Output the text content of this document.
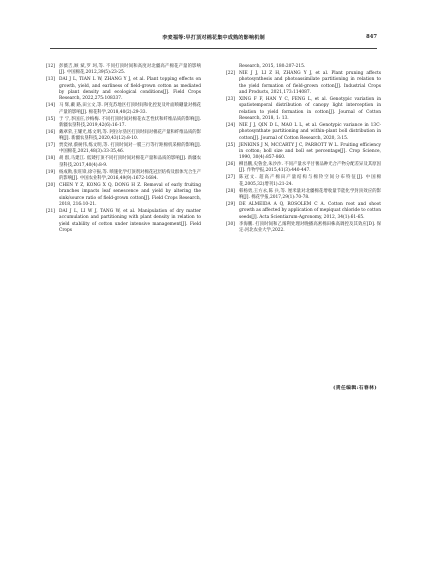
李麦福等:早打顶对棉花集中成熟的影响机制	847
[12] 彭薇吉,顾 斌,罗 珂,等. 不同打顶时间和高度对北疆高产棉花产量的影响[J]. 中国棉花,2012,39(5):23-25.
[13] DAI J L, TIAN L W, ZHANG Y J, et al. Plant topping effects on growth, yield, and earliness of field-grown cotton as mediated by plant density and ecological conditions[J]. Field Crops Research, 2022,275:108337.
[14] 马 辉,戴 路,田立文,等. 阿克苏地区打顶时间和化控复及叶面喷硼量对棉花产量的影响[J]. 棉花科学,2018,40(2):29-33.
[15] 于 宁,李国庄,沙梅梅. 不同打顶时间对棉花农艺性状和纤维品质的影响[J]. 新疆农垦科技,2019,42(6):16-17.
[16] 戴翠荣,王耀光,练文明,等. 阿拉尔垦区打顶时间对棉花产量和纤维品质的影响[J]. 新疆农垦科技,2020,43(12):8-10.
[17] 贾奕禄,蔡树伟,练文明,等. 打顶时间对一膜三行等行距棉机采棉的影响[J]. 中国棉花,2021,48(3):33-35,46.
[18] 胡 群,马建江. 低矮打顶不同打顶时间对棉花产量和品质的影响[J]. 新疆农垦科技,2017,40(4):8-9.
[19] 杨成勋,张旺锋,徐守振,等. 喷施化学打顶剂对棉花冠层结构及群体光合生产的影响[J]. 中国农业科学,2016,49(9):1672-1684.
[20] CHEN Y Z, KONG X Q, DONG H Z. Removal of early fruiting branches impacts leaf senescence and yield by altering the sink/source ratio of field-grown cotton[J]. Field Crops Research, 2018, 216:10-21.
[21] DAI J L, LI W J, TANG W, et al. Manipulation of dry matter accumulation and partitioning with plant density in relation to yield stability of cotton under intensive management[J]. Field Crops
Research, 2015, 180:207-215.
[22] NIE J J, LI Z H, ZHANG Y J, et al. Plant pruning affects photosynthesis and photoassimilate partitioning in relation to the yield formation of field-grown cotton[J]. Industrial Crops and Products, 2021,173:114087.
[23] XING F F, HAN Y C, FENG L, et al. Genotypic variation in spatiotemporal distribution of canopy light interception in relation to yield formation in cotton[J]. Journal of Cotton Research, 2018, 1: 13.
[24] NIE J J, QIN D L, MAO L L, et al. Genotypic variance in 13C-photosynthate partitioning and within-plant boll distribution in cotton[J]. Journal of Cotton Research, 2020, 3:15.
[25] JENKINS J N, MCCARTY J C, PARROTT W L. Fruiting efficiency in cotton; boll size and boll set percentage[J]. Crop Science, 1990, 30(4):857-860.
[26] 柳昌鹏,史鲁金,朱沙沙. 不同产量水平甘薯品种光合产物分配差异及其原因[J]. 作物学报,2015,41(3):440-447.
[27] 陈冠文. 超高产棉田产量结构与棉铃空间分布特征[J]. 中国棉花,2005,32(增刊1):21-24.
[28] 韩杨勇,王方永,陈 兵,等. 厘米量对北疆棉花增收量节能化学封顶效应的影响[J]. 棉花学报,2017,29(1):70-78.
[29] DE ALMEIDA A Q, ROSOLEM C A. Cotton root and shoot growth as affected by application of mepiquat chloride to cotton seeds[J]. Acta Scientiarum-Agronomy, 2012, 34(1):61-65.
[30] 李海鹏. 打顶时间和乙烯利处理对晚播高密棉田株高调控及其效应[D]. 保定:河北农业大学,2022.
(责任编辑:石春林)
